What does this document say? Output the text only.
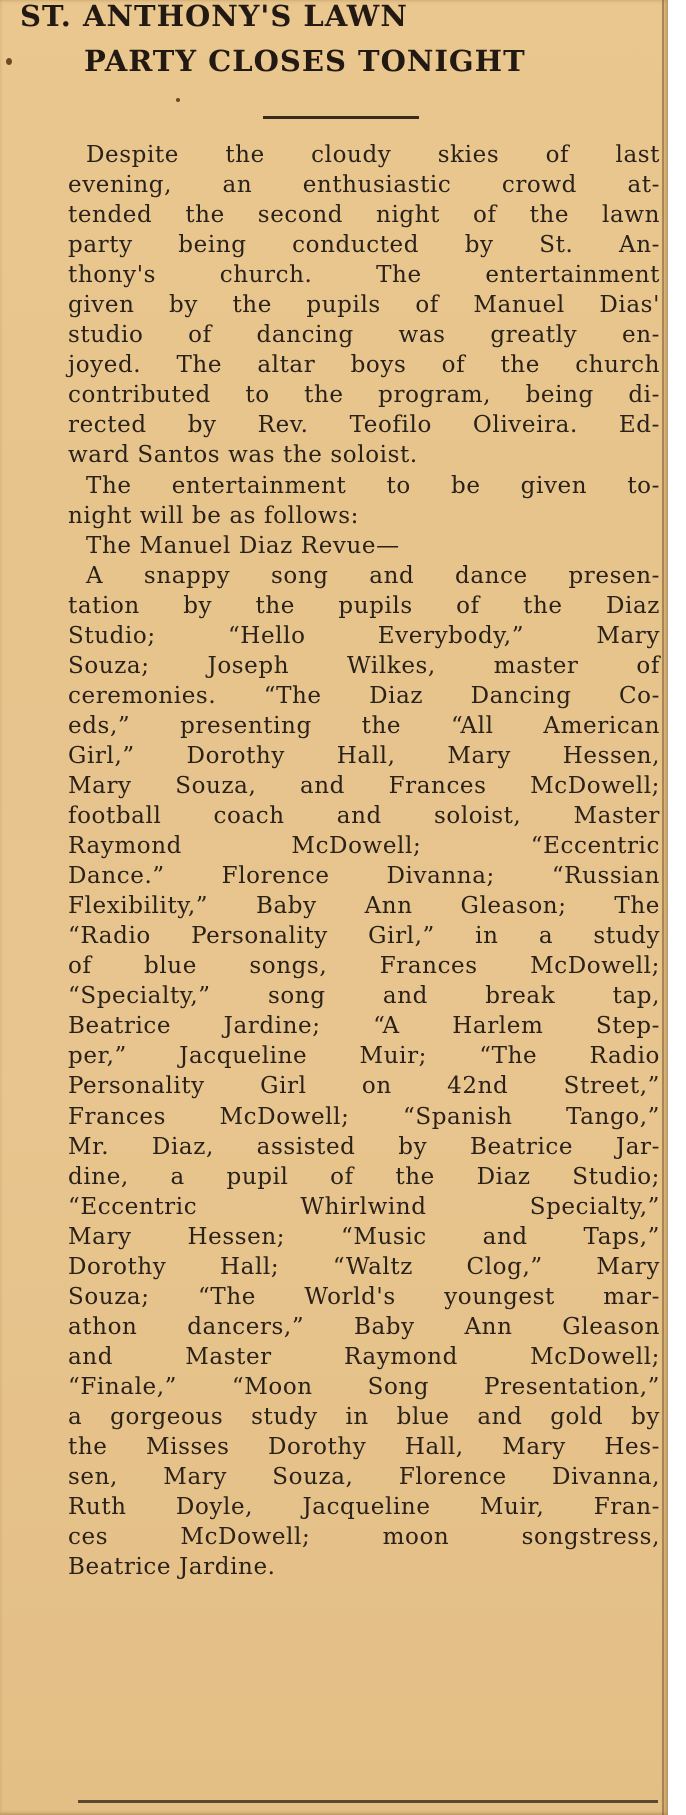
ST. ANTHONY'S LAWN
PARTY CLOSES TONIGHT
Despite the cloudy skies of last
evening, an enthusiastic crowd at-
tended the second night of the lawn
party being conducted by St. An-
thony's church. The entertainment
given by the pupils of Manuel Dias'
studio of dancing was greatly en-
joyed. The altar boys of the church
contributed to the program, being di-
rected by Rev. Teofilo Oliveira. Ed-
ward Santos was the soloist.
The entertainment to be given to-
night will be as follows:
The Manuel Diaz Revue—
A snappy song and dance presen-
tation by the pupils of the Diaz
Studio; “Hello Everybody,” Mary
Souza; Joseph Wilkes, master of
ceremonies. “The Diaz Dancing Co-
eds,” presenting the “All American
Girl,” Dorothy Hall, Mary Hessen,
Mary Souza, and Frances McDowell;
football coach and soloist, Master
Raymond McDowell; “Eccentric
Dance.” Florence Divanna; “Russian
Flexibility,” Baby Ann Gleason; The
“Radio Personality Girl,” in a study
of blue songs, Frances McDowell;
“Specialty,” song and break tap,
Beatrice Jardine; “A Harlem Step-
per,” Jacqueline Muir; “The Radio
Personality Girl on 42nd Street,”
Frances McDowell; “Spanish Tango,”
Mr. Diaz, assisted by Beatrice Jar-
dine, a pupil of the Diaz Studio;
“Eccentric Whirlwind Specialty,”
Mary Hessen; “Music and Taps,”
Dorothy Hall; “Waltz Clog,” Mary
Souza; “The World's youngest mar-
athon dancers,” Baby Ann Gleason
and Master Raymond McDowell;
“Finale,” “Moon Song Presentation,”
a gorgeous study in blue and gold by
the Misses Dorothy Hall, Mary Hes-
sen, Mary Souza, Florence Divanna,
Ruth Doyle, Jacqueline Muir, Fran-
ces McDowell; moon songstress,
Beatrice Jardine.
